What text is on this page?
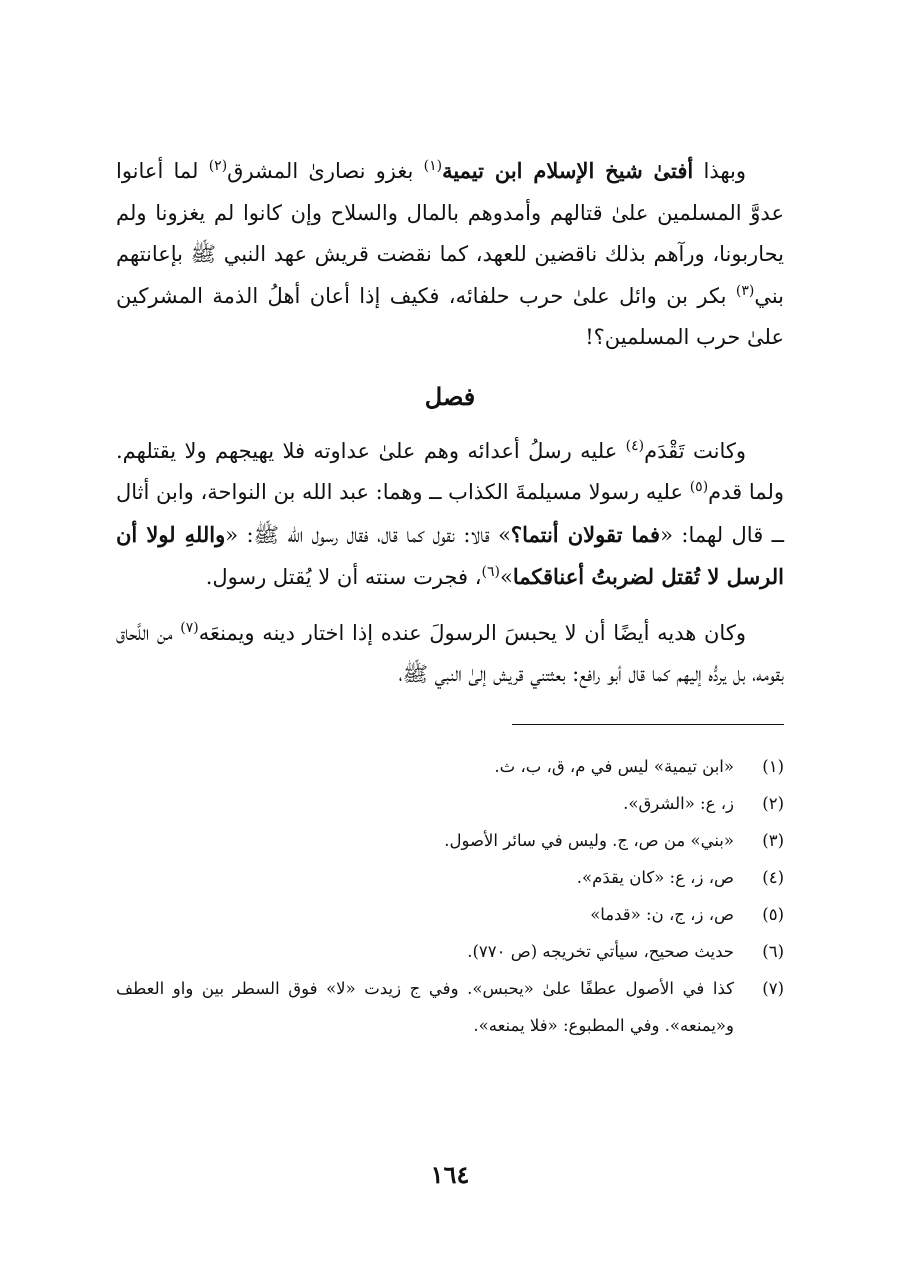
وبهذا أفتىٰ شيخ الإسلام ابن تيمية$^{(١)}$ بغزو نصارىٰ المشرق$^{(٢)}$ لما أعانوا عدوَّ المسلمين علىٰ قتالهم وأمدوهم بالمال والسلاح وإن كانوا لم يغزونا ولم يحاربونا، ورآهم بذلك ناقضين للعهد، كما نقضت قريش عهد النبي ﷺ بإعانتهم بني$^{(٣)}$ بكر بن وائل علىٰ حرب حلفائه، فكيف إذا أعان أهلُ الذمة المشركين علىٰ حرب المسلمين؟!

فصل

وكانت تَقْدَم$^{(٤)}$ عليه رسلُ أعدائه وهم علىٰ عداوته فلا يهيجهم ولا يقتلهم. ولما قدم$^{(٥)}$ عليه رسولا مسيلمةَ الكذاب ــ وهما: عبد الله بن النواحة، وابن أثال ــ قال لهما: «فما تقولان أنتما؟» قالا: نقول كما قال، فقال رسول الله ﷺ: «واللهِ لولا أن الرسل لا تُقتل لضربتُ أعناقكما»$^{(٦)}$، فجرت سنته أن لا يُقتل رسول.

وكان هديه أيضًا أن لا يحبسَ الرسولَ عنده إذا اختار دينه ويمنعَه$^{(٧)}$ من اللَّحاق بقومه، بل يردُّه إليهم كما قال أبو رافع: بعثتني قريش إلىٰ النبي ﷺ،

(١)
«ابن تيمية» ليس في م، ق، ب، ث.
(٢)
ز، ع: «الشرق».
(٣)
«بني» من ص، ج. وليس في سائر الأصول.
(٤)
ص، ز، ع: «كان يقدَم».
(٥)
ص، ز، ج، ن: «قدما»
(٦)
حديث صحيح، سيأتي تخريجه (ص ٧٧٠).
(٧)
كذا في الأصول عطفًا علىٰ «يحبس». وفي ج زيدت «لا» فوق السطر بين واو العطف و«يمنعه». وفي المطبوع: «فلا يمنعه».
١٦٤
